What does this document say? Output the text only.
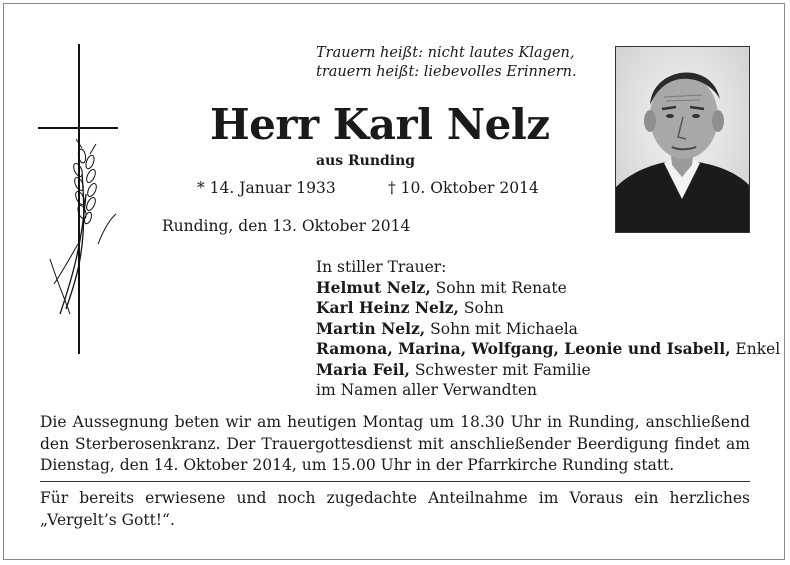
Trauern heißt: nicht lautes Klagen,
trauern heißt: liebevolles Erinnern.
Herr Karl Nelz
aus Runding
* 14. Januar 1933	† 10. Oktober 2014
Runding, den 13. Oktober 2014
In stiller Trauer:
Helmut Nelz, Sohn mit Renate
Karl Heinz Nelz, Sohn
Martin Nelz, Sohn mit Michaela
Ramona, Marina, Wolfgang, Leonie und Isabell, Enkel
Maria Feil, Schwester mit Familie
im Namen aller Verwandten
Die Aussegnung beten wir am heutigen Montag um 18.30 Uhr in Runding, anschließend den Sterberosenkranz. Der Trauergottesdienst mit anschließender Beerdigung findet am Dienstag, den 14. Oktober 2014, um 15.00 Uhr in der Pfarrkirche Runding statt.
Für bereits erwiesene und noch zugedachte Anteilnahme im Voraus ein herzliches „Vergelt’s Gott!“.
